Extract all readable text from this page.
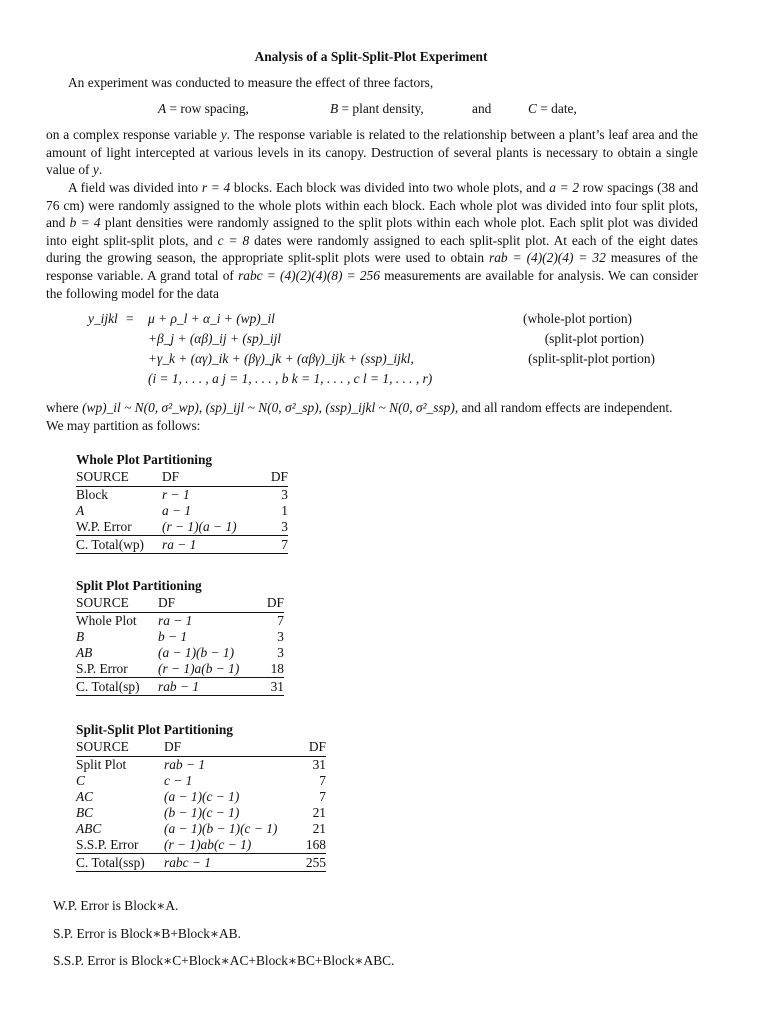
Analysis of a Split-Split-Plot Experiment
An experiment was conducted to measure the effect of three factors,
A = row spacing,	B = plant density,	and	C = date,
on a complex response variable y. The response variable is related to the relationship between a plant’s leaf area and the amount of light intercepted at various levels in its canopy. Destruction of several plants is necessary to obtain a single value of y.
A field was divided into r = 4 blocks. Each block was divided into two whole plots, and a = 2 row spacings (38 and 76 cm) were randomly assigned to the whole plots within each block. Each whole plot was divided into four split plots, and b = 4 plant densities were randomly assigned to the split plots within each whole plot. Each split plot was divided into eight split-split plots, and c = 8 dates were randomly assigned to each split-split plot. At each of the eight dates during the growing season, the appropriate split-split plots were used to obtain rab = (4)(2)(4) = 32 measures of the response variable. A grand total of rabc = (4)(2)(4)(8) = 256 measurements are available for analysis. We can consider the following model for the data
y_ijkl = μ + ρ_l + α_i + (wp)_il	(whole-plot portion)
+β_j + (αβ)_ij + (sp)_ijl	(split-plot portion)
+γ_k + (αγ)_ik + (βγ)_jk + (αβγ)_ijk + (ssp)_ijkl,	(split-split-plot portion)
(i = 1, . . . , a j = 1, . . . , b k = 1, . . . , c l = 1, . . . , r)
where (wp)_il ~ N(0, σ²_wp), (sp)_ijl ~ N(0, σ²_sp), (ssp)_ijkl ~ N(0, σ²_ssp), and all random effects are independent.
We may partition as follows:
Whole Plot Partitioning
SOURCE	DF	DF
Block	r − 1	3
A	a − 1	1
W.P. Error	(r − 1)(a − 1)	3
C. Total(wp)	ra − 1	7
Split Plot Partitioning
SOURCE	DF	DF
Whole Plot	ra − 1	7
B	b − 1	3
AB	(a − 1)(b − 1)	3
S.P. Error	(r − 1)a(b − 1)	18
C. Total(sp)	rab − 1	31
Split-Split Plot Partitioning
SOURCE	DF	DF
Split Plot	rab − 1	31
C	c − 1	7
AC	(a − 1)(c − 1)	7
BC	(b − 1)(c − 1)	21
ABC	(a − 1)(b − 1)(c − 1)	21
S.S.P. Error	(r − 1)ab(c − 1)	168
C. Total(ssp)	rabc − 1	255
W.P. Error is Block∗A.
S.P. Error is Block∗B+Block∗AB.
S.S.P. Error is Block∗C+Block∗AC+Block∗BC+Block∗ABC.
